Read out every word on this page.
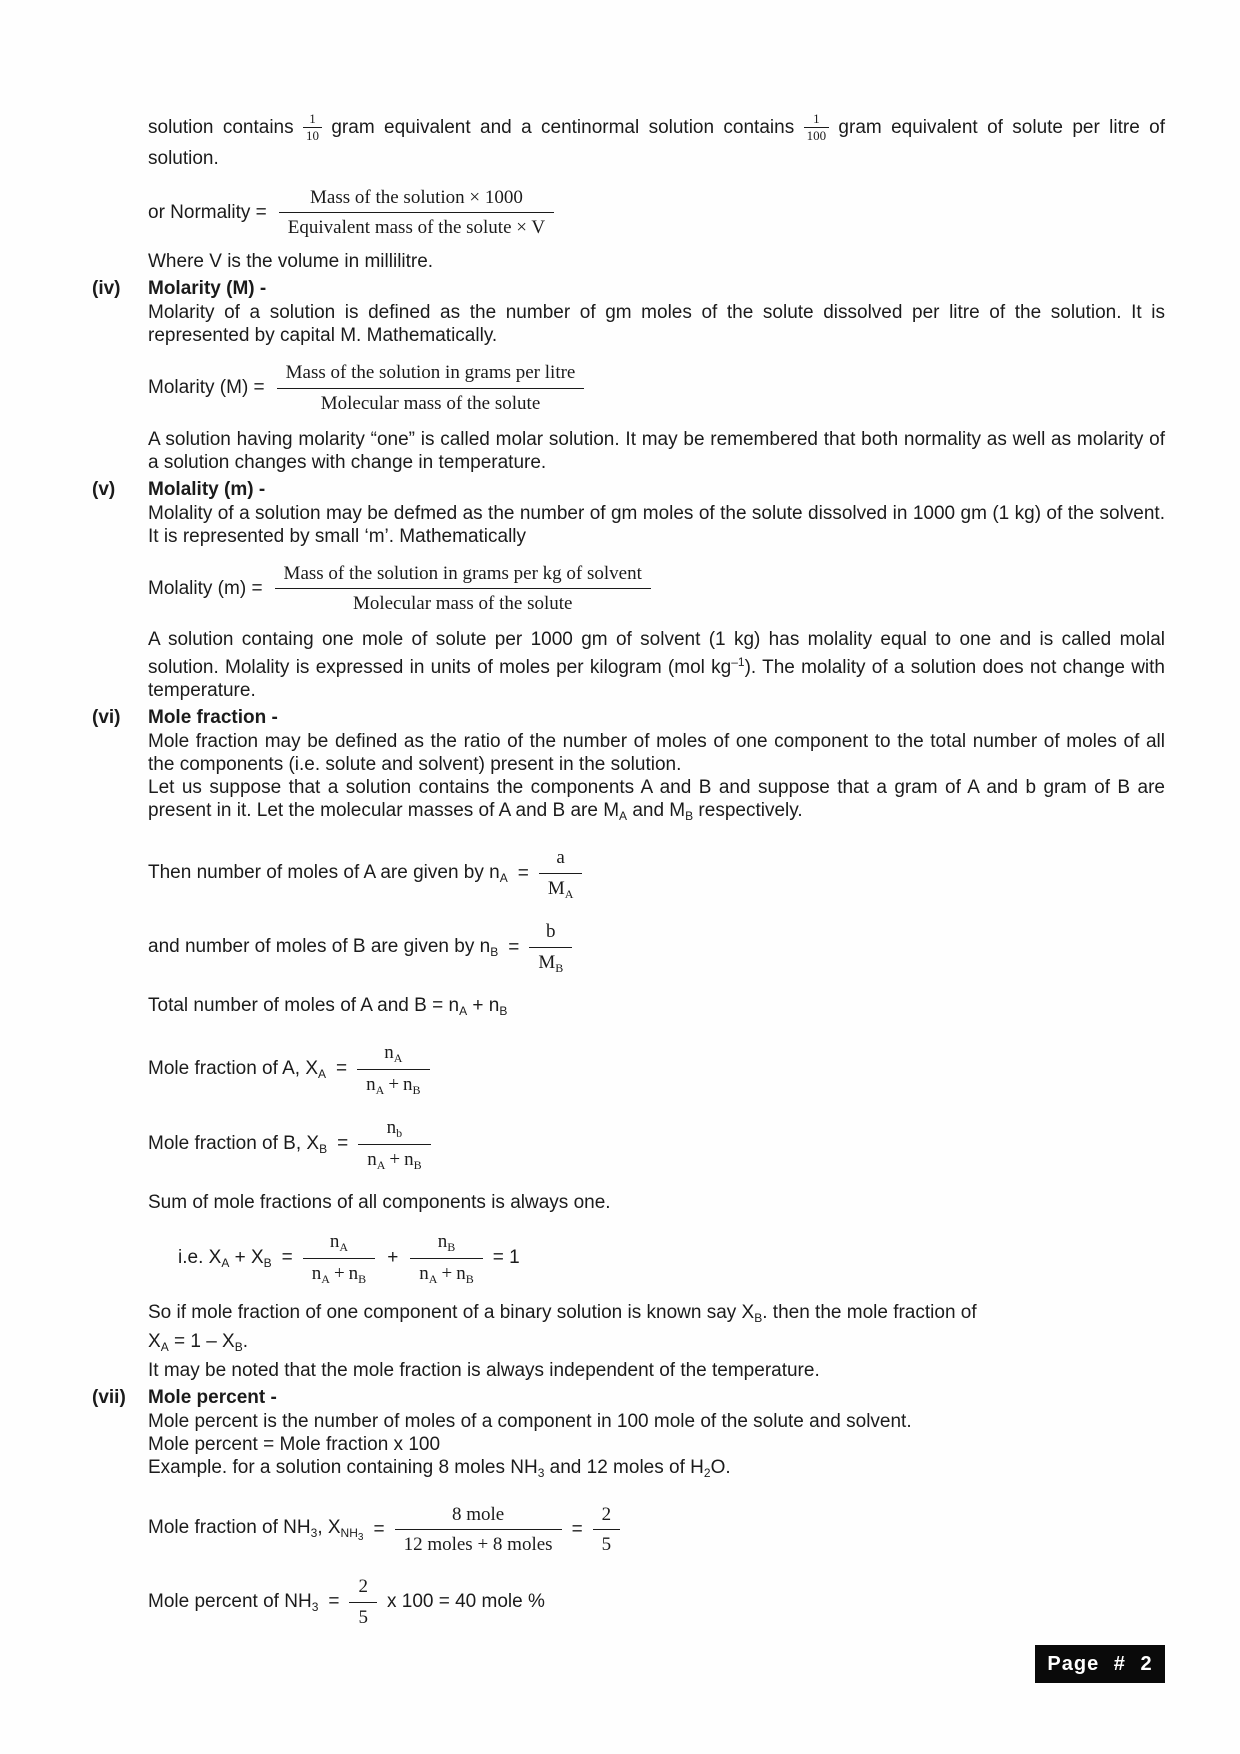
solution contains $\frac{1}{10}$ gram equivalent and a centinormal solution contains $\frac{1}{100}$ gram equivalent of solute per litre of solution.

or Normality =
Mass of the solution × 1000
Equivalent mass of the solute × V

Where V is the volume in millilitre.

(iv) Molarity (M) -

Molarity of a solution is defined as the number of gm moles of the solute dissolved per litre of the solution. It is represented by capital M. Mathematically.

Molarity (M) =
Mass of the solution in grams per litre
Molecular mass of the solute

A solution having molarity “one” is called molar solution. It may be remembered that both normality as well as molarity of a solution changes with change in temperature.

(v) Molality (m) -

Molality of a solution may be defmed as the number of gm moles of the solute dissolved in 1000 gm (1 kg) of the solvent. It is represented by small ‘m’. Mathematically

Molality (m) =
Mass of the solution in grams per kg of solvent
Molecular mass of the solute

A solution containg one mole of solute per 1000 gm of solvent (1 kg) has molality equal to one and is called molal solution. Molality is expressed in units of moles per kilogram (mol $kg^{-1}$). The molality of a solution does not change with temperature.

(vi) Mole fraction -

Mole fraction may be defined as the ratio of the number of moles of one component to the total number of moles of all the components (i.e. solute and solvent) present in the solution.

Let us suppose that a solution contains the components A and B and suppose that a gram of A and b gram of B are present in it. Let the molecular masses of A and B are $M_A$ and $M_B$ respectively.

Then number of moles of A are given by $n_A = \frac{a}{M_A}$
and number of moles of B are given by $n_B = \frac{b}{M_B}$

Total number of moles of A and $B = n_A + n_B$

Mole fraction of A, $X_A = \frac{n_A}{n_A + n_B}$
Mole fraction of B, $X_B = \frac{n_b}{n_A + n_B}$

Sum of mole fractions of all components is always one.

i.e. $X_A + X_B = \frac{n_A}{n_A + n_B} + \frac{n_B}{n_A + n_B} = 1$

So if mole fraction of one component of a binary solution is known say $X_B$. then the mole fraction of

$X_A = 1 - X_B$.

It may be noted that the mole fraction is always independent of the temperature.

(vii) Mole percent -

Mole percent is the number of moles of a component in 100 mole of the solute and solvent.

Mole percent = Mole fraction x 100

Example. for a solution containing 8 moles $NH_3$ and 12 moles of $H_2O$.

Mole fraction of $NH_3$, $X_{NH_3}$ =
8 mole
12 moles + 8 moles
= $\frac{2}{5}$
Mole percent of $NH_3 = \frac{2}{5}$ x 100 = 40 mole %
Page # 2
